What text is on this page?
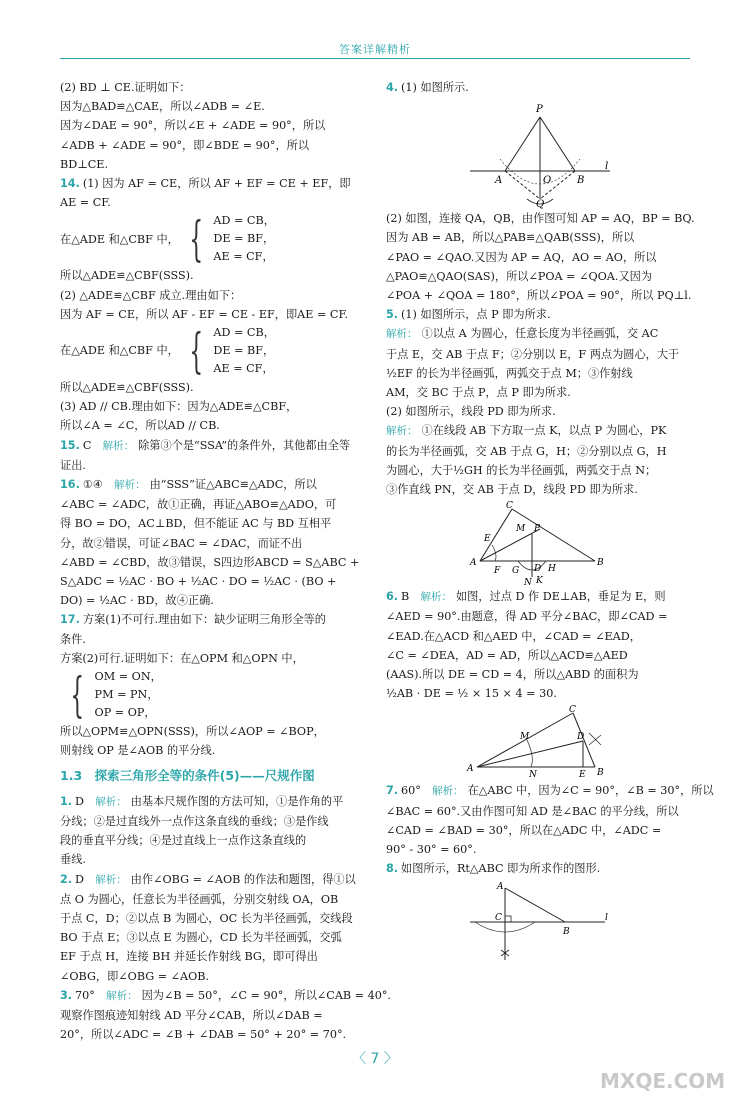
答案详解精析
(2) BD ⊥ CE.证明如下：
因为△BAD≌△CAE，所以∠ADB = ∠E.
因为∠DAE = 90°，所以∠E + ∠ADE = 90°，所以
∠ADB + ∠ADE = 90°，即∠BDE = 90°，所以
BD⊥CE.
14. (1) 因为 AF = CE，所以 AF + EF = CE + EF，即
AE = CF.
在△ADE 和△CBF 中， { AD = CB，
DE = BF，
AE = CF，
所以△ADE≌△CBF(SSS).
(2) △ADE≌△CBF 成立.理由如下：
因为 AF = CE，所以 AF - EF = CE - EF，即AE = CF.
在△ADE 和△CBF 中， { AD = CB，
DE = BF，
AE = CF，
所以△ADE≌△CBF(SSS).
(3) AD // CB.理由如下：因为△ADE≌△CBF，
所以∠A = ∠C，所以AD // CB.
15. C　 解析： 除第③个是“SSA”的条件外，其他都由全等
证出.
16. ①④　 解析： 由“SSS”证△ABC≌△ADC，所以
∠ABC = ∠ADC，故①正确，再证△ABO≌△ADO，可
得 BO = DO，AC⊥BD，但不能证 AC 与 BD 互相平
分，故②错误，可证∠BAC = ∠DAC，而证不出
∠ABD = ∠CBD，故③错误，S四边形ABCD = S△ABC +
S△ADC = ½AC · BO + ½AC · DO = ½AC · (BO +
DO) = ½AC · BD，故④正确.
17. 方案(1)不可行.理由如下：缺少证明三角形全等的
条件.
方案(2)可行.证明如下：在△OPM 和△OPN 中，
{ OM = ON，
PM = PN，
OP = OP，
所以△OPM≌△OPN(SSS)，所以∠AOP = ∠BOP，
则射线 OP 是∠AOB 的平分线.
1.3　探索三角形全等的条件(5)——尺规作图
1. D　 解析： 由基本尺规作图的方法可知，①是作角的平
分线；②是过直线外一点作这条直线的垂线；③是作线
段的垂直平分线；④是过直线上一点作这条直线的
垂线.
2. D　 解析： 由作∠OBG = ∠AOB 的作法和题图，得①以
点 O 为圆心，任意长为半径画弧，分别交射线 OA，OB
于点 C，D；②以点 B 为圆心，OC 长为半径画弧，交线段
BO 于点 E；③以点 E 为圆心，CD 长为半径画弧，交弧
EF 于点 H，连接 BH 并延长作射线 BG，即可得出
∠OBG，即∠OBG = ∠AOB.
3. 70°　 解析： 因为∠B = 50°，∠C = 90°，所以∠CAB = 40°.
观察作图痕迹知射线 AD 平分∠CAB，所以∠DAB =
20°，所以∠ADC = ∠B + ∠DAB = 50° + 20° = 70°.
4. (1) 如图所示.
P
A	O	B
Q
l
(2) 如图，连接 QA，QB，由作图可知 AP = AQ，BP = BQ.
因为 AB = AB，所以△PAB≌△QAB(SSS)，所以
∠PAO = ∠QAO.又因为 AP = AQ，AO = AO，所以
△PAO≌△QAO(SAS)，所以∠POA = ∠QOA.又因为
∠POA + ∠QOA = 180°，所以∠POA = 90°，所以 PQ⊥l.
5. (1) 如图所示，点 P 即为所求.
解析： ①以点 A 为圆心，任意长度为半径画弧，交 AC
于点 E，交 AB 于点 F；②分别以 E，F 两点为圆心，大于
½EF 的长为半径画弧，两弧交于点 M；③作射线
AM，交 BC 于点 P，点 P 即为所求.
(2) 如图所示，线段 PD 即为所求.
解析： ①在线段 AB 下方取一点 K，以点 P 为圆心，PK
的长为半径画弧，交 AB 于点 G，H；②分别以点 G，H
为圆心，大于½GH 的长为半径画弧，两弧交于点 N；
③作直线 PN，交 AB 于点 D，线段 PD 即为所求.
C
E
M P
A
F G D H
K
N
B
6. B　 解析： 如图，过点 D 作 DE⊥AB，垂足为 E，则
∠AED = 90°.由题意，得 AD 平分∠BAC，即∠CAD =
∠EAD.在△ACD 和△AED 中，∠CAD = ∠EAD，
∠C = ∠DEA，AD = AD，所以△ACD≌△AED
(AAS).所以 DE = CD = 4，所以△ABD 的面积为
½AB · DE = ½ × 15 × 4 = 30.
C
M	D
A
N	E B
7. 60°　 解析： 在△ABC 中，因为∠C = 90°，∠B = 30°，所以
∠BAC = 60°.又由作图可知 AD 是∠BAC 的平分线，所以
∠CAD = ∠BAD = 30°，所以在△ADC 中，∠ADC =
90° - 30° = 60°.
8. 如图所示，Rt△ABC 即为所求作的图形.
A
C
B
l
〈 7 〉
MXQE.COM
